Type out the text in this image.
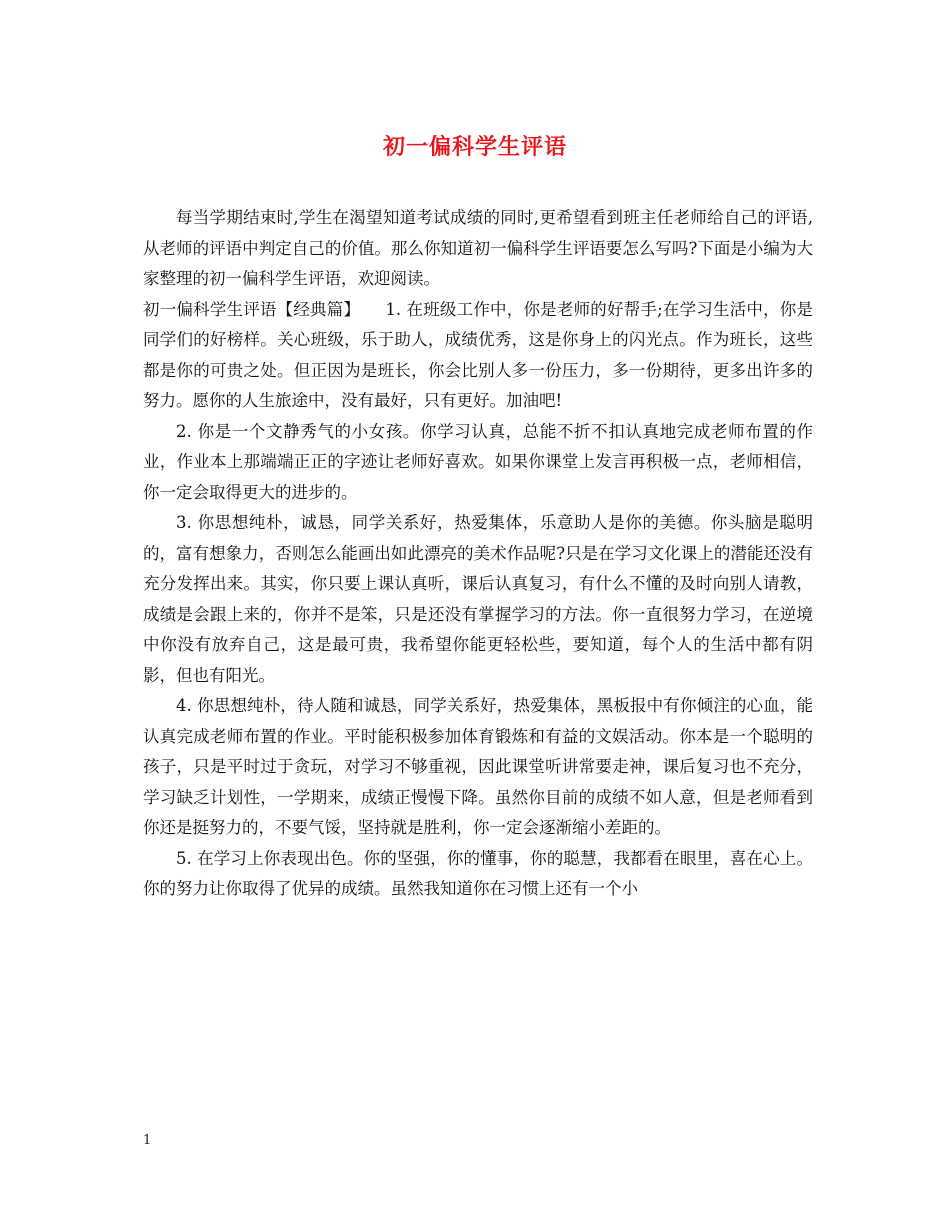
初一偏科学生评语

每当学期结束时,学生在渴望知道考试成绩的同时,更希望看到班主任老师给自己的评语,从老师的评语中判定自己的价值。那么你知道初一偏科学生评语要怎么写吗?下面是小编为大家整理的初一偏科学生评语，欢迎阅读。

初一偏科学生评语【经典篇】　　1. 在班级工作中，你是老师的好帮手;在学习生活中，你是同学们的好榜样。关心班级，乐于助人，成绩优秀，这是你身上的闪光点。作为班长，这些都是你的可贵之处。但正因为是班长，你会比别人多一份压力，多一份期待，更多出许多的努力。愿你的人生旅途中，没有最好，只有更好。加油吧!

2. 你是一个文静秀气的小女孩。你学习认真，总能不折不扣认真地完成老师布置的作业，作业本上那端端正正的字迹让老师好喜欢。如果你课堂上发言再积极一点，老师相信，你一定会取得更大的进步的。

3. 你思想纯朴，诚恳，同学关系好，热爱集体，乐意助人是你的美德。你头脑是聪明的，富有想象力，否则怎么能画出如此漂亮的美术作品呢?只是在学习文化课上的潜能还没有充分发挥出来。其实，你只要上课认真听，课后认真复习，有什么不懂的及时向别人请教，成绩是会跟上来的，你并不是笨，只是还没有掌握学习的方法。你一直很努力学习，在逆境中你没有放弃自己，这是最可贵，我希望你能更轻松些，要知道，每个人的生活中都有阴影，但也有阳光。

4. 你思想纯朴，待人随和诚恳，同学关系好，热爱集体，黑板报中有你倾注的心血，能认真完成老师布置的作业。平时能积极参加体育锻炼和有益的文娱活动。你本是一个聪明的孩子，只是平时过于贪玩，对学习不够重视，因此课堂听讲常要走神，课后复习也不充分，学习缺乏计划性，一学期来，成绩正慢慢下降。虽然你目前的成绩不如人意，但是老师看到你还是挺努力的，不要气馁，坚持就是胜利，你一定会逐渐缩小差距的。

5. 在学习上你表现出色。你的坚强，你的懂事，你的聪慧，我都看在眼里，喜在心上。你的努力让你取得了优异的成绩。虽然我知道你在习惯上还有一个小

1
